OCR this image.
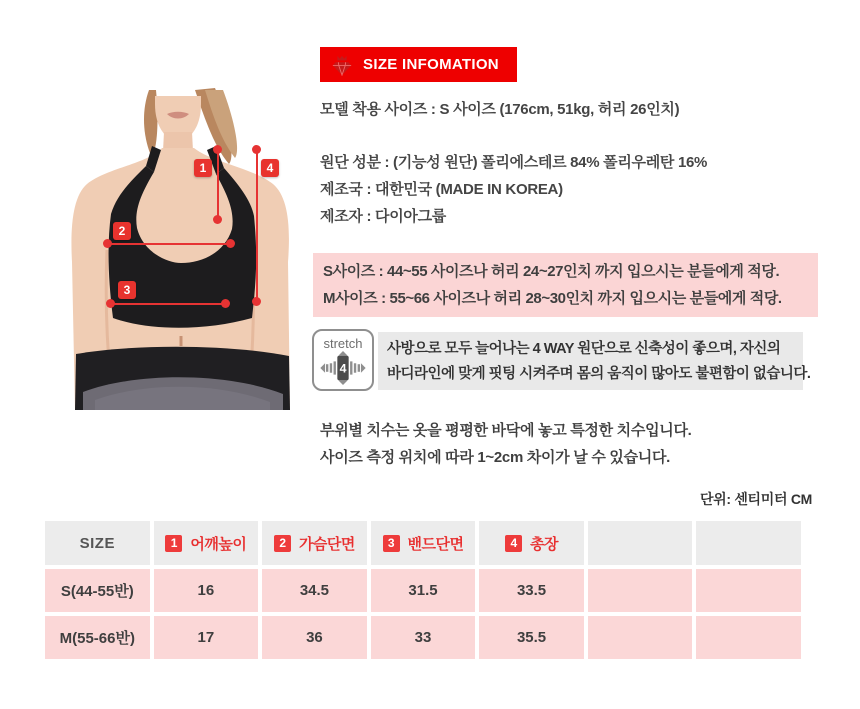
1	4
2
3
SIZE INFOMATION
모델 착용 사이즈 : S 사이즈 (176cm, 51kg, 허리 26인치)
원단 성분 : (기능성 원단) 폴리에스테르 84% 폴리우레탄 16%
제조국 : 대한민국 (MADE IN KOREA)
제조자 : 다이아그룹
S사이즈 : 44~55 사이즈나 허리 24~27인치 까지 입으시는 분들에게 적당.
M사이즈 : 55~66 사이즈나 허리 28~30인치 까지 입으시는 분들에게 적당.
stretch
4
사방으로 모두 늘어나는 4 WAY 원단으로 신축성이 좋으며, 자신의
바디라인에 맞게 핏팅 시켜주며 몸의 움직이 많아도 불편함이 없습니다.
부위별 치수는 옷을 평평한 바닥에 놓고 특정한 치수입니다.
사이즈 측정 위치에 따라 1~2cm 차이가 날 수 있습니다.
단위: 센티미터 CM
SIZE	1 어깨높이	2 가슴단면	3 밴드단면	4 총장
S(44-55반)	16	34.5	31.5	33.5
M(55-66반)	17	36	33	35.5
